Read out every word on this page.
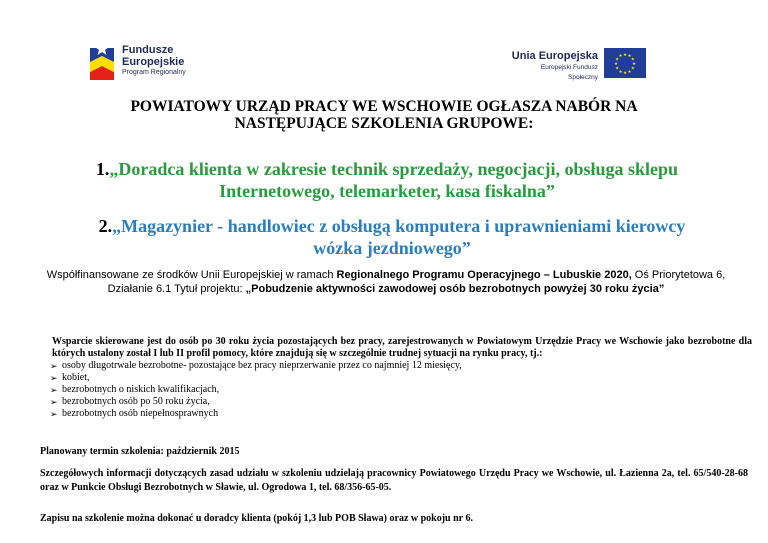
Fundusze
Europejskie
Program Regionalny
Unia Europejska
Europejski Fundusz Społeczny
★ ★
★
★
★
★
★
★
★
★
★
★
POWIATOWY URZĄD PRACY WE WSCHOWIE OGŁASZA NABÓR NA
NASTĘPUJĄCE SZKOLENIA GRUPOWE:
1.„Doradca klienta w zakresie technik sprzedaży, negocjacji, obsługa sklepu
Internetowego, telemarketer, kasa fiskalna”
2.„Magazynier - handlowiec z obsługą komputera i uprawnieniami kierowcy
wózka jezdniowego”
Współfinansowane ze środków Unii Europejskiej w ramach Regionalnego Programu Operacyjnego – Lubuskie 2020, Oś Priorytetowa 6, Działanie 6.1 Tytuł projektu: „Pobudzenie aktywności zawodowej osób bezrobotnych powyżej 30 roku życia”
Wsparcie skierowane jest do osób po 30 roku życia pozostających bez pracy, zarejestrowanych w Powiatowym Urzędzie Pracy we Wschowie jako bezrobotne dla których ustalony został I lub II profil pomocy, które znajdują się w szczególnie trudnej sytuacji na rynku pracy, tj.:
➢ osoby długotrwale bezrobotne- pozostające bez pracy nieprzerwanie przez co najmniej 12 miesięcy,
➢ kobiet,
➢ bezrobotnych o niskich kwalifikacjach,
➢ bezrobotnych osób po 50 roku życia,
➢ bezrobotnych osób niepełnosprawnych
Planowany termin szkolenia: październik 2015
Szczegółowych informacji dotyczących zasad udziału w szkoleniu udzielają pracownicy Powiatowego Urzędu Pracy we Wschowie, ul. Łazienna 2a, tel. 65/540-28-68 oraz w Punkcie Obsługi Bezrobotnych w Sławie, ul. Ogrodowa 1, tel. 68/356-65-05.
Zapisu na szkolenie można dokonać u doradcy klienta (pokój 1,3 lub POB Sława) oraz w pokoju nr 6.
